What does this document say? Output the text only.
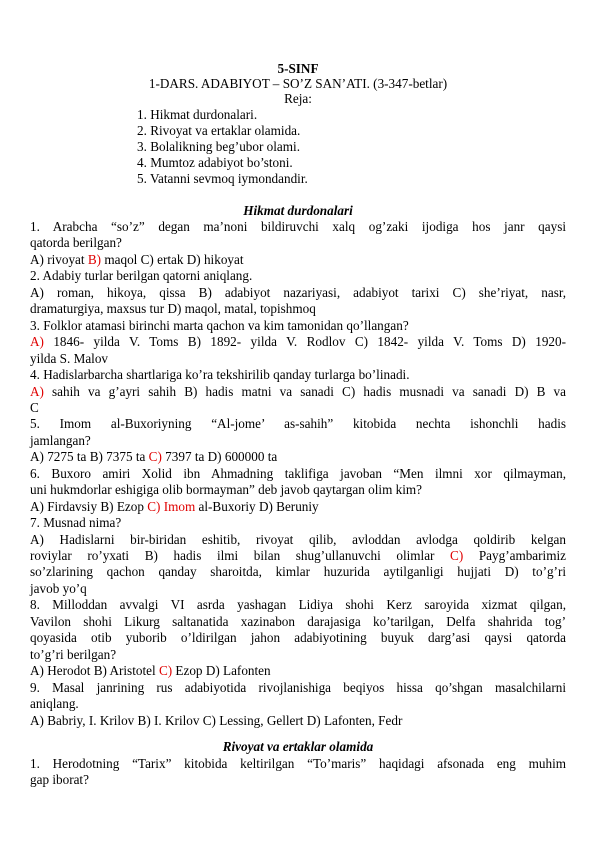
5-SINF
1-DARS. ADABIYOT – SO’Z SAN’ATI. (3-347-betlar)
Reja:
1. Hikmat durdonalari.
2. Rivoyat va ertaklar olamida.
3. Bolalikning beg’ubor olami.
4. Mumtoz adabiyot bo’stoni.
5. Vatanni sevmoq iymondandir.
Hikmat durdonalari
1. Arabcha “so’z” degan ma’noni bildiruvchi xalq og’zaki ijodiga hos janr qaysi
qatorda berilgan?
A) rivoyat B) maqol C) ertak D) hikoyat
2. Adabiy turlar berilgan qatorni aniqlang.
A) roman, hikoya, qissa B) adabiyot nazariyasi, adabiyot tarixi C) she’riyat, nasr,
dramaturgiya, maxsus tur D) maqol, matal, topishmoq
3. Folklor atamasi birinchi marta qachon va kim tamonidan qo’llangan?
A) 1846- yilda V. Toms B) 1892- yilda V. Rodlov C) 1842- yilda V. Toms D) 1920-
yilda S. Malov
4. Hadislarbarcha shartlariga ko’ra tekshirilib qanday turlarga bo’linadi.
A) sahih va g’ayri sahih B) hadis matni va sanadi C) hadis musnadi va sanadi D) B va
C
5. Imom al-Buxoriyning “Al-jome’ as-sahih” kitobida nechta ishonchli hadis
jamlangan?
A) 7275 ta B) 7375 ta C) 7397 ta D) 600000 ta
6. Buxoro amiri Xolid ibn Ahmadning taklifiga javoban “Men ilmni xor qilmayman,
uni hukmdorlar eshigiga olib bormayman” deb javob qaytargan olim kim?
A) Firdavsiy B) Ezop C) Imom al-Buxoriy D) Beruniy
7. Musnad nima?
A) Hadislarni bir-biridan eshitib, rivoyat qilib, avloddan avlodga qoldirib kelgan
roviylar ro’yxati B) hadis ilmi bilan shug’ullanuvchi olimlar C) Payg’ambarimiz
so’zlarining qachon qanday sharoitda, kimlar huzurida aytilganligi hujjati D) to’g’ri
javob yo’q
8. Milloddan avvalgi VI asrda yashagan Lidiya shohi Kerz saroyida xizmat qilgan,
Vavilon shohi Likurg saltanatida xazinabon darajasiga ko’tarilgan, Delfa shahrida tog’
qoyasida otib yuborib o’ldirilgan jahon adabiyotining buyuk darg’asi qaysi qatorda
to’g’ri berilgan?
A) Herodot B) Aristotel C) Ezop D) Lafonten
9. Masal janrining rus adabiyotida rivojlanishiga beqiyos hissa qo’shgan masalchilarni
aniqlang.
A) Babriy, I. Krilov B) I. Krilov C) Lessing, Gellert D) Lafonten, Fedr
Rivoyat va ertaklar olamida
1. Herodotning “Tarix” kitobida keltirilgan “To’maris” haqidagi afsonada eng muhim
gap iborat?
